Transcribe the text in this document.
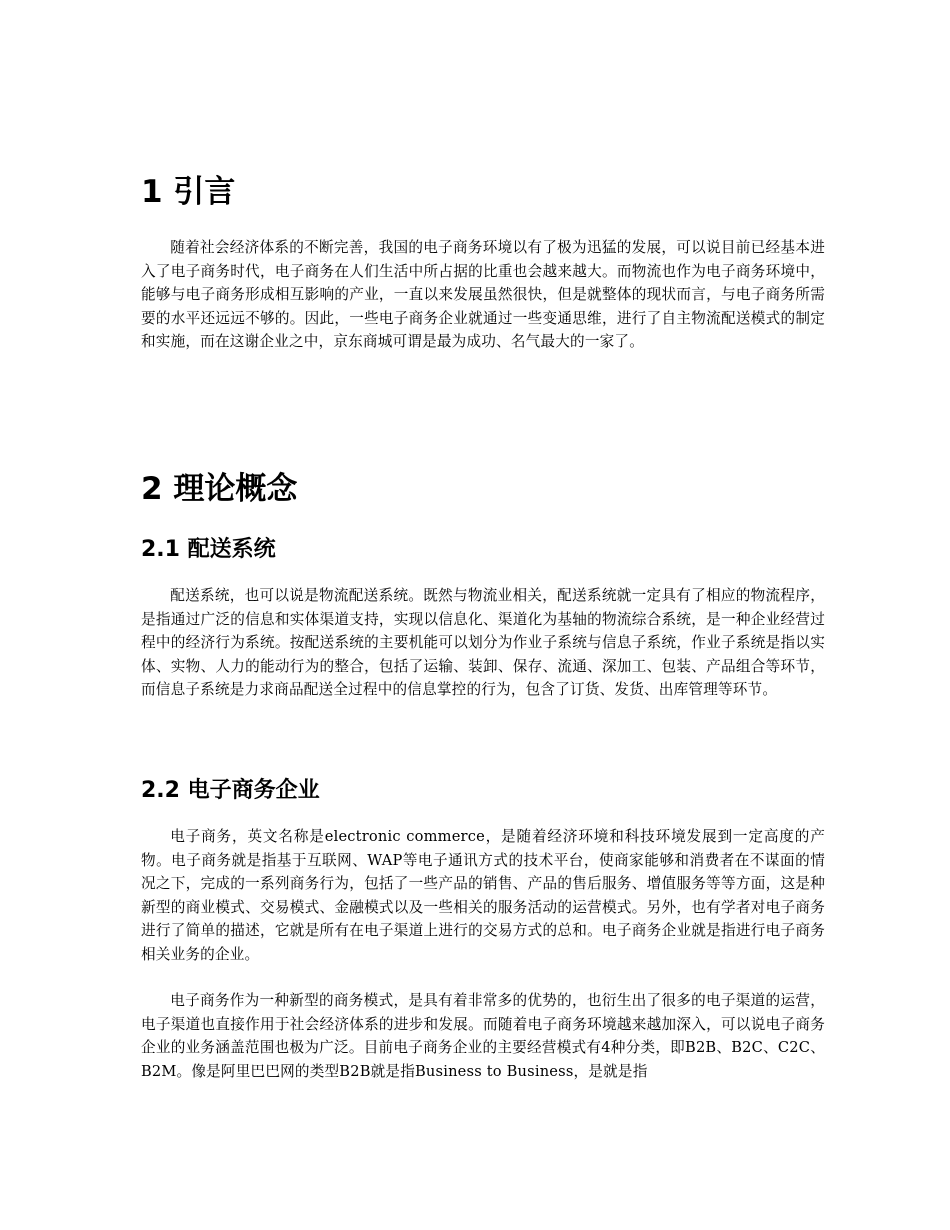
1 引言

随着社会经济体系的不断完善，我国的电子商务环境以有了极为迅猛的发展，可以说目前已经基本进入了电子商务时代，电子商务在人们生活中所占据的比重也会越来越大。而物流也作为电子商务环境中，能够与电子商务形成相互影响的产业，一直以来发展虽然很快，但是就整体的现状而言，与电子商务所需要的水平还远远不够的。因此，一些电子商务企业就通过一些变通思维，进行了自主物流配送模式的制定和实施，而在这谢企业之中，京东商城可谓是最为成功、名气最大的一家了。

2 理论概念
2.1 配送系统

配送系统，也可以说是物流配送系统。既然与物流业相关，配送系统就一定具有了相应的物流程序，是指通过广泛的信息和实体渠道支持，实现以信息化、渠道化为基轴的物流综合系统，是一种企业经营过程中的经济行为系统。按配送系统的主要机能可以划分为作业子系统与信息子系统，作业子系统是指以实体、实物、人力的能动行为的整合，包括了运输、装卸、保存、流通、深加工、包装、产品组合等环节，而信息子系统是力求商品配送全过程中的信息掌控的行为，包含了订货、发货、出库管理等环节。

2.2 电子商务企业

电子商务，英文名称是electronic commerce，是随着经济环境和科技环境发展到一定高度的产物。电子商务就是指基于互联网、WAP等电子通讯方式的技术平台，使商家能够和消费者在不谋面的情况之下，完成的一系列商务行为，包括了一些产品的销售、产品的售后服务、增值服务等等方面，这是种新型的商业模式、交易模式、金融模式以及一些相关的服务活动的运营模式。另外，也有学者对电子商务进行了简单的描述，它就是所有在电子渠道上进行的交易方式的总和。电子商务企业就是指进行电子商务相关业务的企业。

电子商务作为一种新型的商务模式，是具有着非常多的优势的，也衍生出了很多的电子渠道的运营，电子渠道也直接作用于社会经济体系的进步和发展。而随着电子商务环境越来越加深入，可以说电子商务企业的业务涵盖范围也极为广泛。目前电子商务企业的主要经营模式有4种分类，即B2B、B2C、C2C、B2M。像是阿里巴巴网的类型B2B就是指Business to Business，是就是指
